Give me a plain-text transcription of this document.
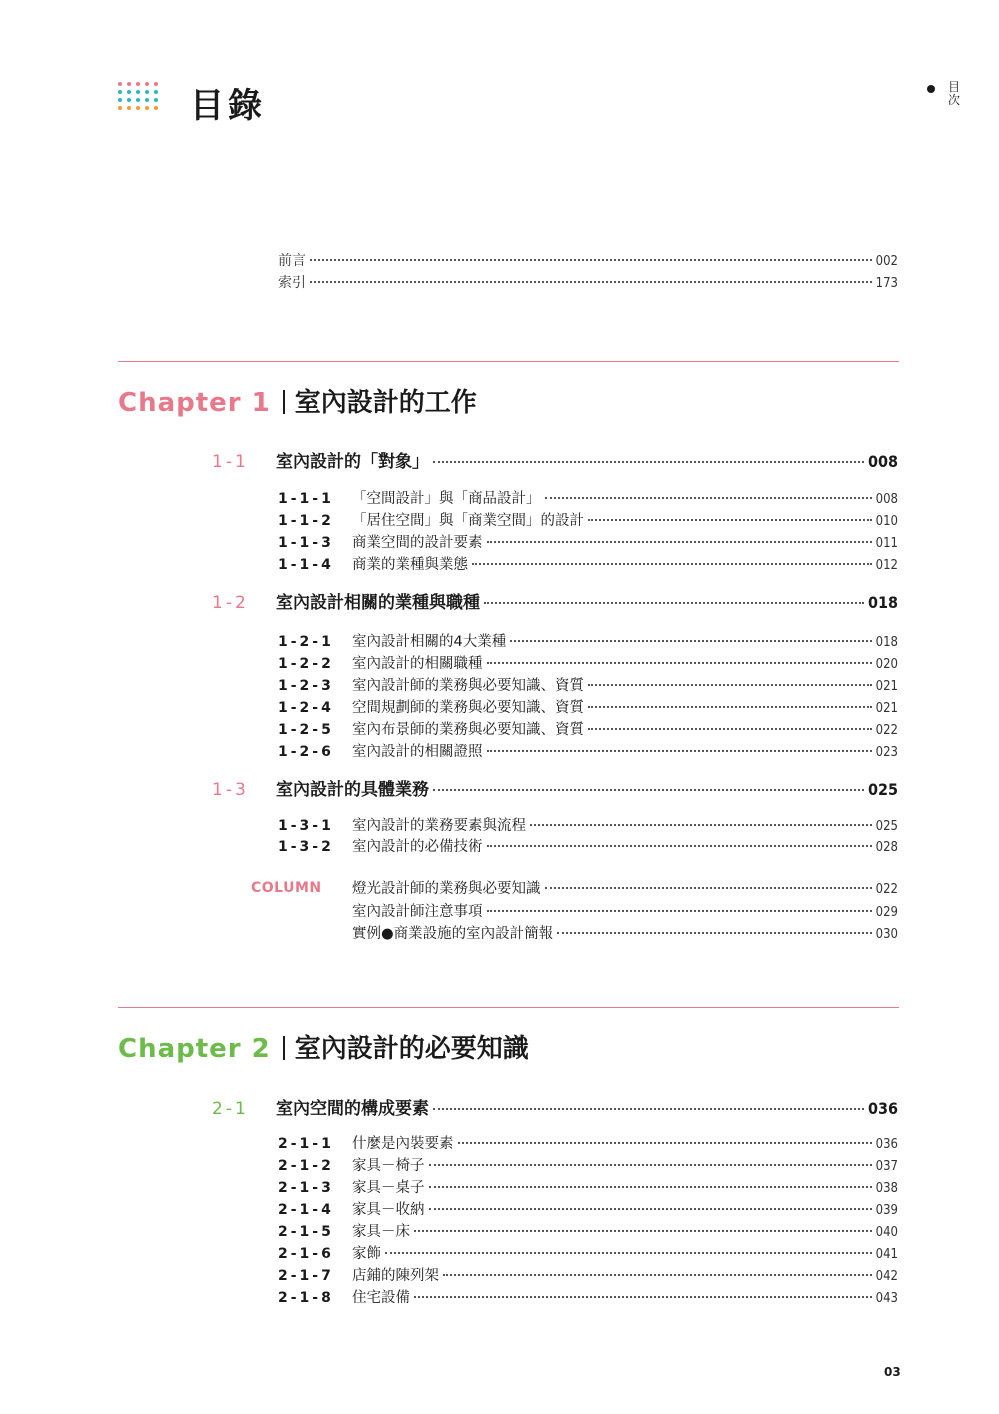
目錄	目次
前言	002
索引	173
Chapter 1 室內設計的工作
1-1	室內設計的「對象」	008
1-1-1	「空間設計」與「商品設計」	008
1-1-2	「居住空間」與「商業空間」的設計	010
1-1-3	商業空間的設計要素	011
1-1-4	商業的業種與業態	012
1-2	室內設計相關的業種與職種	018
1-2-1	室內設計相關的4大業種	018
1-2-2	室內設計的相關職種	020
1-2-3	室內設計師的業務與必要知識、資質	021
1-2-4	空間規劃師的業務與必要知識、資質	021
1-2-5	室內布景師的業務與必要知識、資質	022
1-2-6	室內設計的相關證照	023
1-3	室內設計的具體業務	025
1-3-1	室內設計的業務要素與流程	025
1-3-2	室內設計的必備技術	028
COLUMN 燈光設計師的業務與必要知識	022
室內設計師注意事項	029
實例●商業設施的室內設計簡報	030
Chapter 2 室內設計的必要知識
2-1	室內空間的構成要素	036
2-1-1	什麼是內裝要素	036
2-1-2	家具－椅子	037
2-1-3	家具－桌子	038
2-1-4	家具－收納	039
2-1-5	家具－床	040
2-1-6	家飾	041
2-1-7	店鋪的陳列架	042
2-1-8	住宅設備	043
03
